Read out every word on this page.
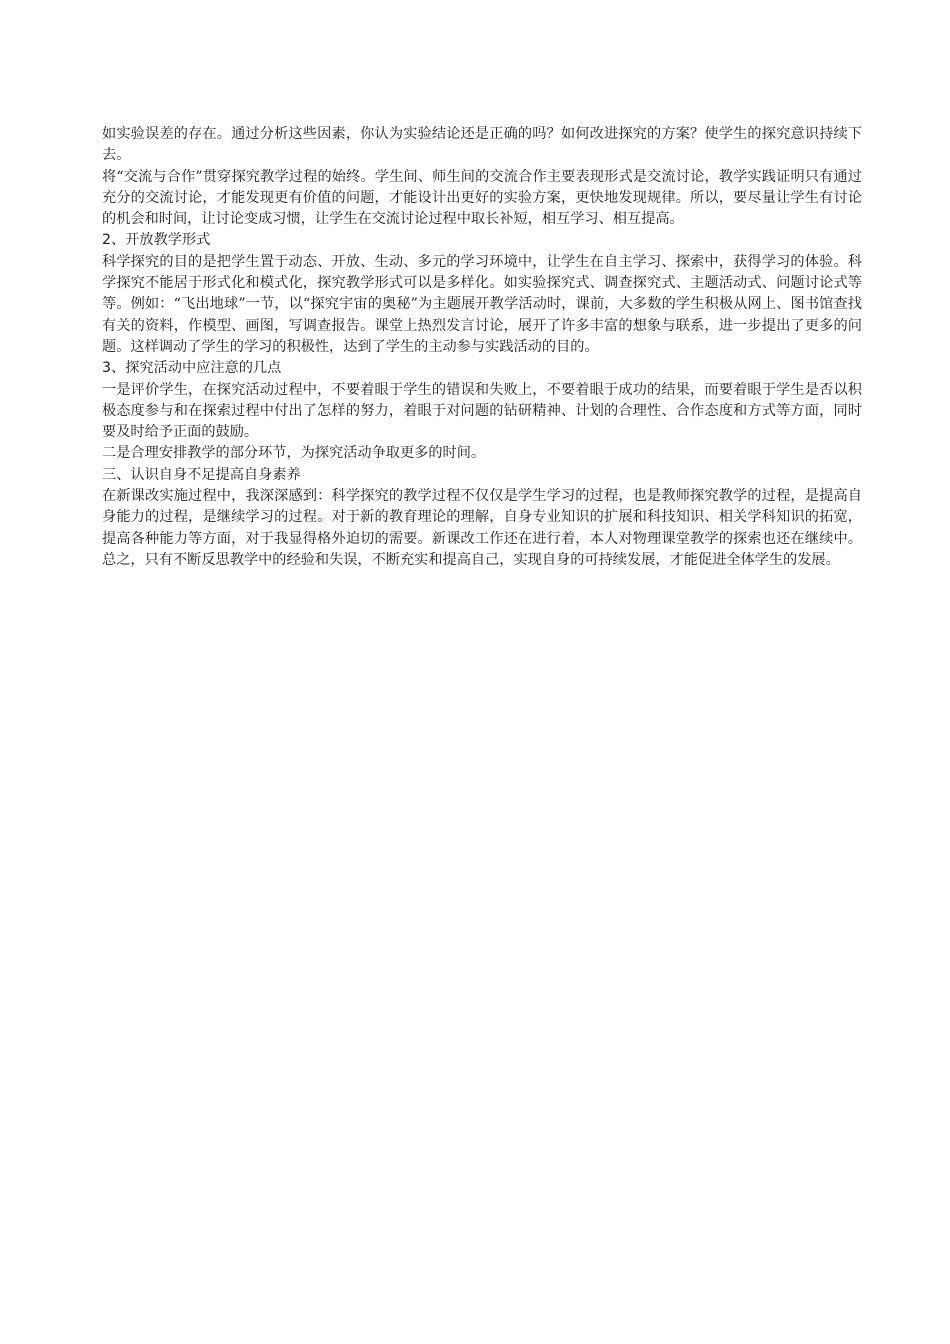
如实验误差的存在。通过分析这些因素，你认为实验结论还是正确的吗？如何改进探究的方案？使学生的探究意识持续下去。

将“交流与合作”贯穿探究教学过程的始终。学生间、师生间的交流合作主要表现形式是交流讨论，教学实践证明只有通过充分的交流讨论，才能发现更有价值的问题，才能设计出更好的实验方案，更快地发现规律。所以，要尽量让学生有讨论的机会和时间，让讨论变成习惯，让学生在交流讨论过程中取长补短，相互学习、相互提高。

2、开放教学形式

科学探究的目的是把学生置于动态、开放、生动、多元的学习环境中，让学生在自主学习、探索中，获得学习的体验。科学探究不能居于形式化和模式化，探究教学形式可以是多样化。如实验探究式、调查探究式、主题活动式、问题讨论式等等。例如：“飞出地球”一节，以“探究宇宙的奥秘”为主题展开教学活动时，课前，大多数的学生积极从网上、图书馆查找有关的资料，作模型、画图，写调查报告。课堂上热烈发言讨论，展开了许多丰富的想象与联系，进一步提出了更多的问题。这样调动了学生的学习的积极性，达到了学生的主动参与实践活动的目的。

3、探究活动中应注意的几点

一是评价学生，在探究活动过程中，不要着眼于学生的错误和失败上，不要着眼于成功的结果，而要着眼于学生是否以积极态度参与和在探索过程中付出了怎样的努力，着眼于对问题的钻研精神、计划的合理性、合作态度和方式等方面，同时要及时给予正面的鼓励。

二是合理安排教学的部分环节，为探究活动争取更多的时间。

三、认识自身不足提高自身素养

在新课改实施过程中，我深深感到：科学探究的教学过程不仅仅是学生学习的过程，也是教师探究教学的过程，是提高自身能力的过程，是继续学习的过程。对于新的教育理论的理解，自身专业知识的扩展和科技知识、相关学科知识的拓宽，提高各种能力等方面，对于我显得格外迫切的需要。新课改工作还在进行着，本人对物理课堂教学的探索也还在继续中。总之，只有不断反思教学中的经验和失误，不断充实和提高自己，实现自身的可持续发展，才能促进全体学生的发展。
